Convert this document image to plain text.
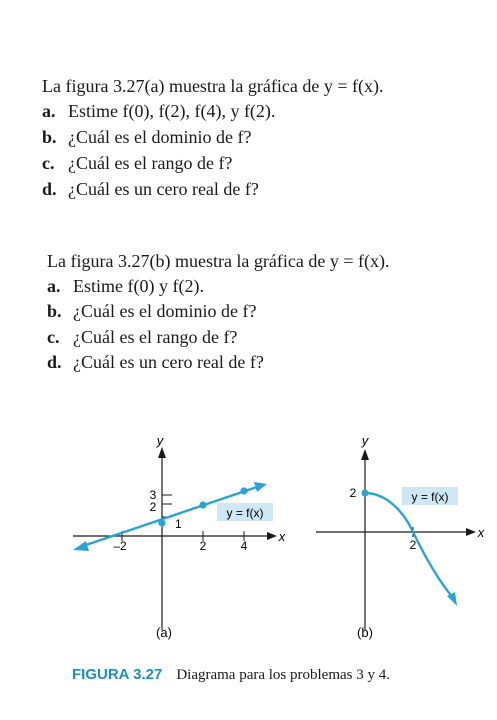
La figura 3.27(a) muestra la gráfica de y = f(x).
a. Estime f(0), f(2), f(4), y f(2).
b. ¿Cuál es el dominio de f?
c. ¿Cuál es el rango de f?
d. ¿Cuál es un cero real de f?
La figura 3.27(b) muestra la gráfica de y = f(x).
a. Estime f(0) y f(2).
b. ¿Cuál es el dominio de f?
c. ¿Cuál es el rango de f?
d. ¿Cuál es un cero real de f?
y
x
–2	2	4
1
2
3
y = f(x)
(a)
y
x
2
2
y = f(x)
(b)
FIGURA 3.27 Diagrama para los problemas 3 y 4.
